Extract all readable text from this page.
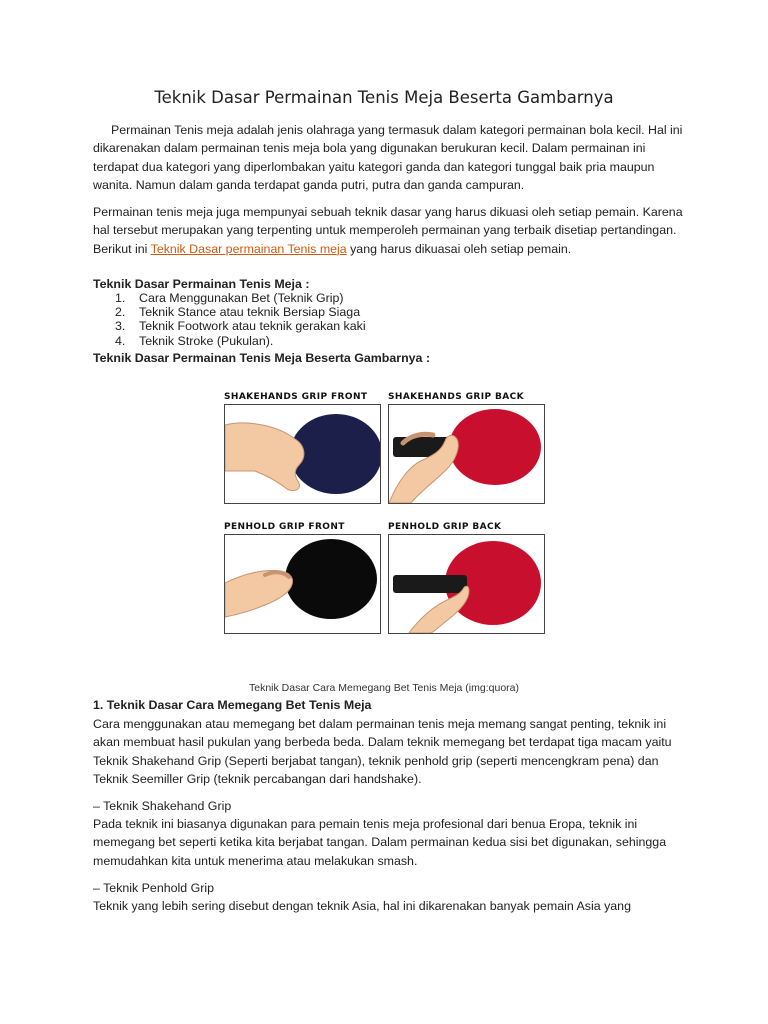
Teknik Dasar Permainan Tenis Meja Beserta Gambarnya

Permainan Tenis meja adalah jenis olahraga yang termasuk dalam kategori permainan bola kecil. Hal ini dikarenakan dalam permainan tenis meja bola yang digunakan berukuran kecil. Dalam permainan ini terdapat dua kategori yang diperlombakan yaitu kategori ganda dan kategori tunggal baik pria maupun wanita. Namun dalam ganda terdapat ganda putri, putra dan ganda campuran.

Permainan tenis meja juga mempunyai sebuah teknik dasar yang harus dikuasi oleh setiap pemain. Karena hal tersebut merupakan yang terpenting untuk memperoleh permainan yang terbaik disetiap pertandingan. Berikut ini Teknik Dasar permainan Tenis meja yang harus dikuasai oleh setiap pemain.

Teknik Dasar Permainan Tenis Meja :

1. Cara Menggunakan Bet (Teknik Grip)
2. Teknik Stance atau teknik Bersiap Siaga
3. Teknik Footwork atau teknik gerakan kaki
4. Teknik Stroke (Pukulan).

Teknik Dasar Permainan Tenis Meja Beserta Gambarnya :

SHAKEHANDS GRIP FRONT SHAKEHANDS GRIP BACK
PENHOLD GRIP FRONT	PENHOLD GRIP BACK
Teknik Dasar Cara Memegang Bet Tenis Meja (img:quora)

1. Teknik Dasar Cara Memegang Bet Tenis Meja

Cara menggunakan atau memegang bet dalam permainan tenis meja memang sangat penting, teknik ini akan membuat hasil pukulan yang berbeda beda. Dalam teknik memegang bet terdapat tiga macam yaitu Teknik Shakehand Grip (Seperti berjabat tangan), teknik penhold grip (seperti mencengkram pena) dan Teknik Seemiller Grip (teknik percabangan dari handshake).

– Teknik Shakehand Grip

Pada teknik ini biasanya digunakan para pemain tenis meja profesional dari benua Eropa, teknik ini memegang bet seperti ketika kita berjabat tangan. Dalam permainan kedua sisi bet digunakan, sehingga memudahkan kita untuk menerima atau melakukan smash.

– Teknik Penhold Grip

Teknik yang lebih sering disebut dengan teknik Asia, hal ini dikarenakan banyak pemain Asia yang
